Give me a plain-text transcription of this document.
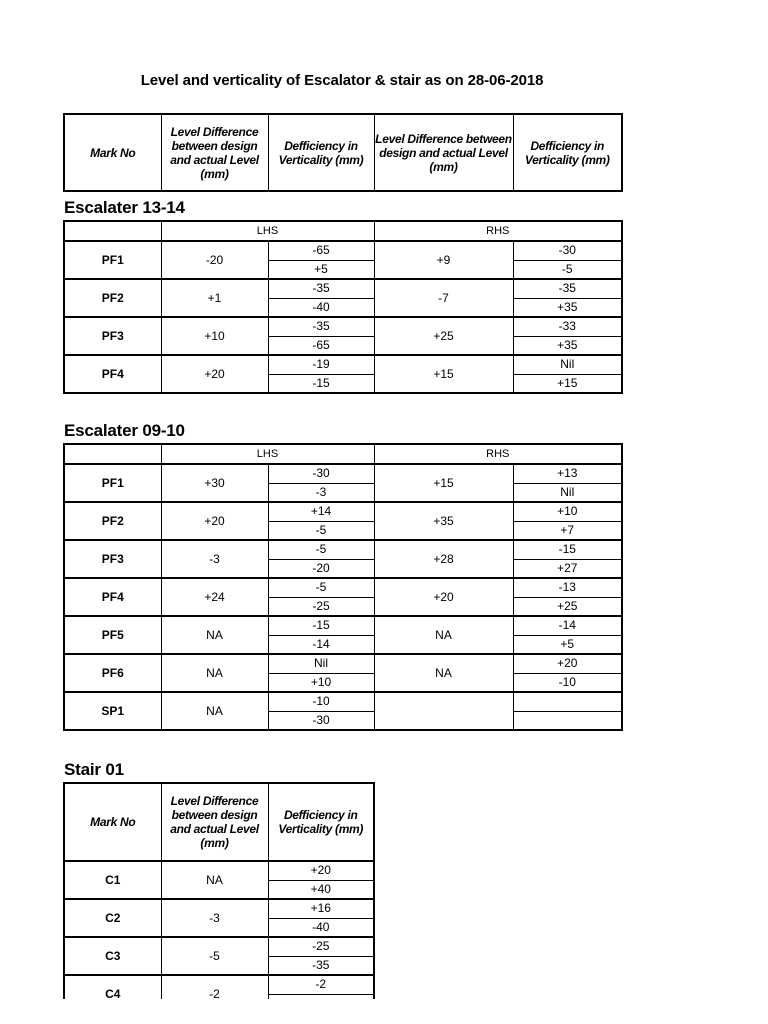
Level and verticality of Escalator & stair as on 28-06-2018
Mark No	Level Difference between design and actual Level (mm)	Defficiency in Verticality (mm)	Level Difference between design and actual Level (mm)	Defficiency in Verticality (mm)
Escalater 13-14
	LHS		RHS	
PF1	-20	-65	+9	-30
		+5		-5
PF2	+1	-35	-7	-35
		-40		+35
PF3	+10	-35	+25	-33
		-65		+35
PF4	+20	-19	+15	Nil
		-15		+15
Escalater 09-10
	LHS		RHS	
PF1	+30	-30	+15	+13
		-3		Nil
PF2	+20	+14	+35	+10
		-5		+7
PF3	-3	-5	+28	-15
		-20		+27
PF4	+24	-5	+20	-13
		-25		+25
PF5	NA	-15	NA	-14
		-14		+5
PF6	NA	Nil	NA	+20
		+10		-10
SP1	NA	-10		
		-30		
Stair 01
Mark No	Level Difference between design and actual Level (mm)	Defficiency in Verticality (mm)
C1	NA	+20
		+40
C2	-3	+16
		-40
C3	-5	-25
		-35
C4	-2	-2
